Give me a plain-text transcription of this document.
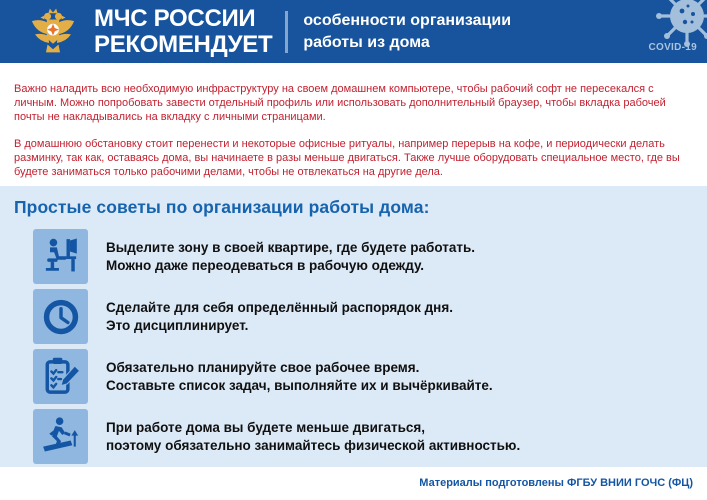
МЧС РОССИИ
РЕКОМЕНДУЕТ
особенности организации
работы из дома	COVID-19

Важно наладить всю необходимую инфраструктуру на своем домашнем компьютере, чтобы рабочий софт не пересекался с личным. Можно попробовать завести отдельный профиль или использовать дополнительный браузер, чтобы вкладка рабочей почты не накладывались на вкладку с личными страницами.

В домашнюю обстановку стоит перенести и некоторые офисные ритуалы, например перерыв на кофе, и периодически делать разминку, так как, оставаясь дома, вы начинаете в разы меньше двигаться. Также лучше оборудовать специальное место, где вы будете заниматься только рабочими делами, чтобы не отвлекаться на другие дела.

Простые советы по организации работы дома:
Выделите зону в своей квартире, где будете работать.
Можно даже переодеваться в рабочую одежду.
Сделайте для себя определённый распорядок дня.
Это дисциплинирует.
Обязательно планируйте свое рабочее время.
Составьте список задач, выполняйте их и вычёркивайте.
При работе дома вы будете меньше двигаться,
поэтому обязательно занимайтесь физической активностью.
Материалы подготовлены ФГБУ ВНИИ ГОЧС (ФЦ)
